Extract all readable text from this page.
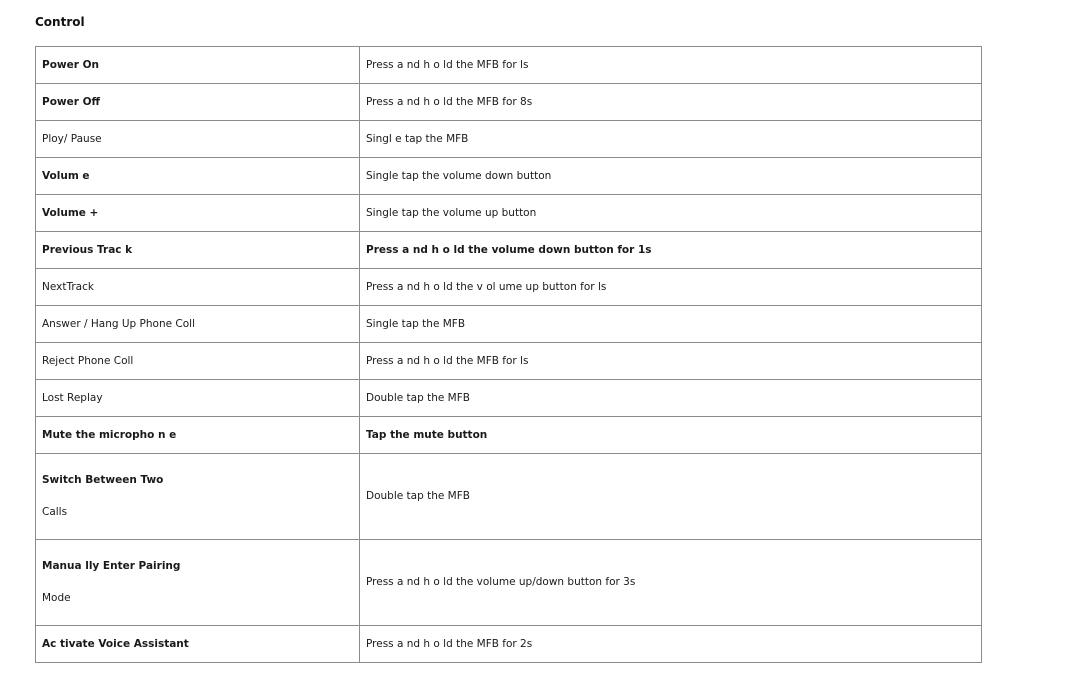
Control
Power On	Press a nd h o ld the MFB for ls
Power Off	Press a nd h o ld the MFB for 8s
Ploy/ Pause	Singl e tap the MFB
Volum e	Single tap the volume down button
Volume +	Single tap the volume up button
Previous Trac k	Press a nd h o ld the volume down button for 1s
NextTrack	Press a nd h o ld the v ol ume up button for ls
Answer / Hang Up Phone Coll	Single tap the MFB
Reject Phone Coll	Press a nd h o ld the MFB for ls
Lost Replay	Double tap the MFB
Mute the micropho n e	Tap the mute button

Switch Between Two
Calls	Double tap the MFB

Manua lly Enter Pairing
Mode	Press a nd h o ld the volume up/down button for 3s
Ac tivate Voice Assistant	Press a nd h o ld the MFB for 2s
